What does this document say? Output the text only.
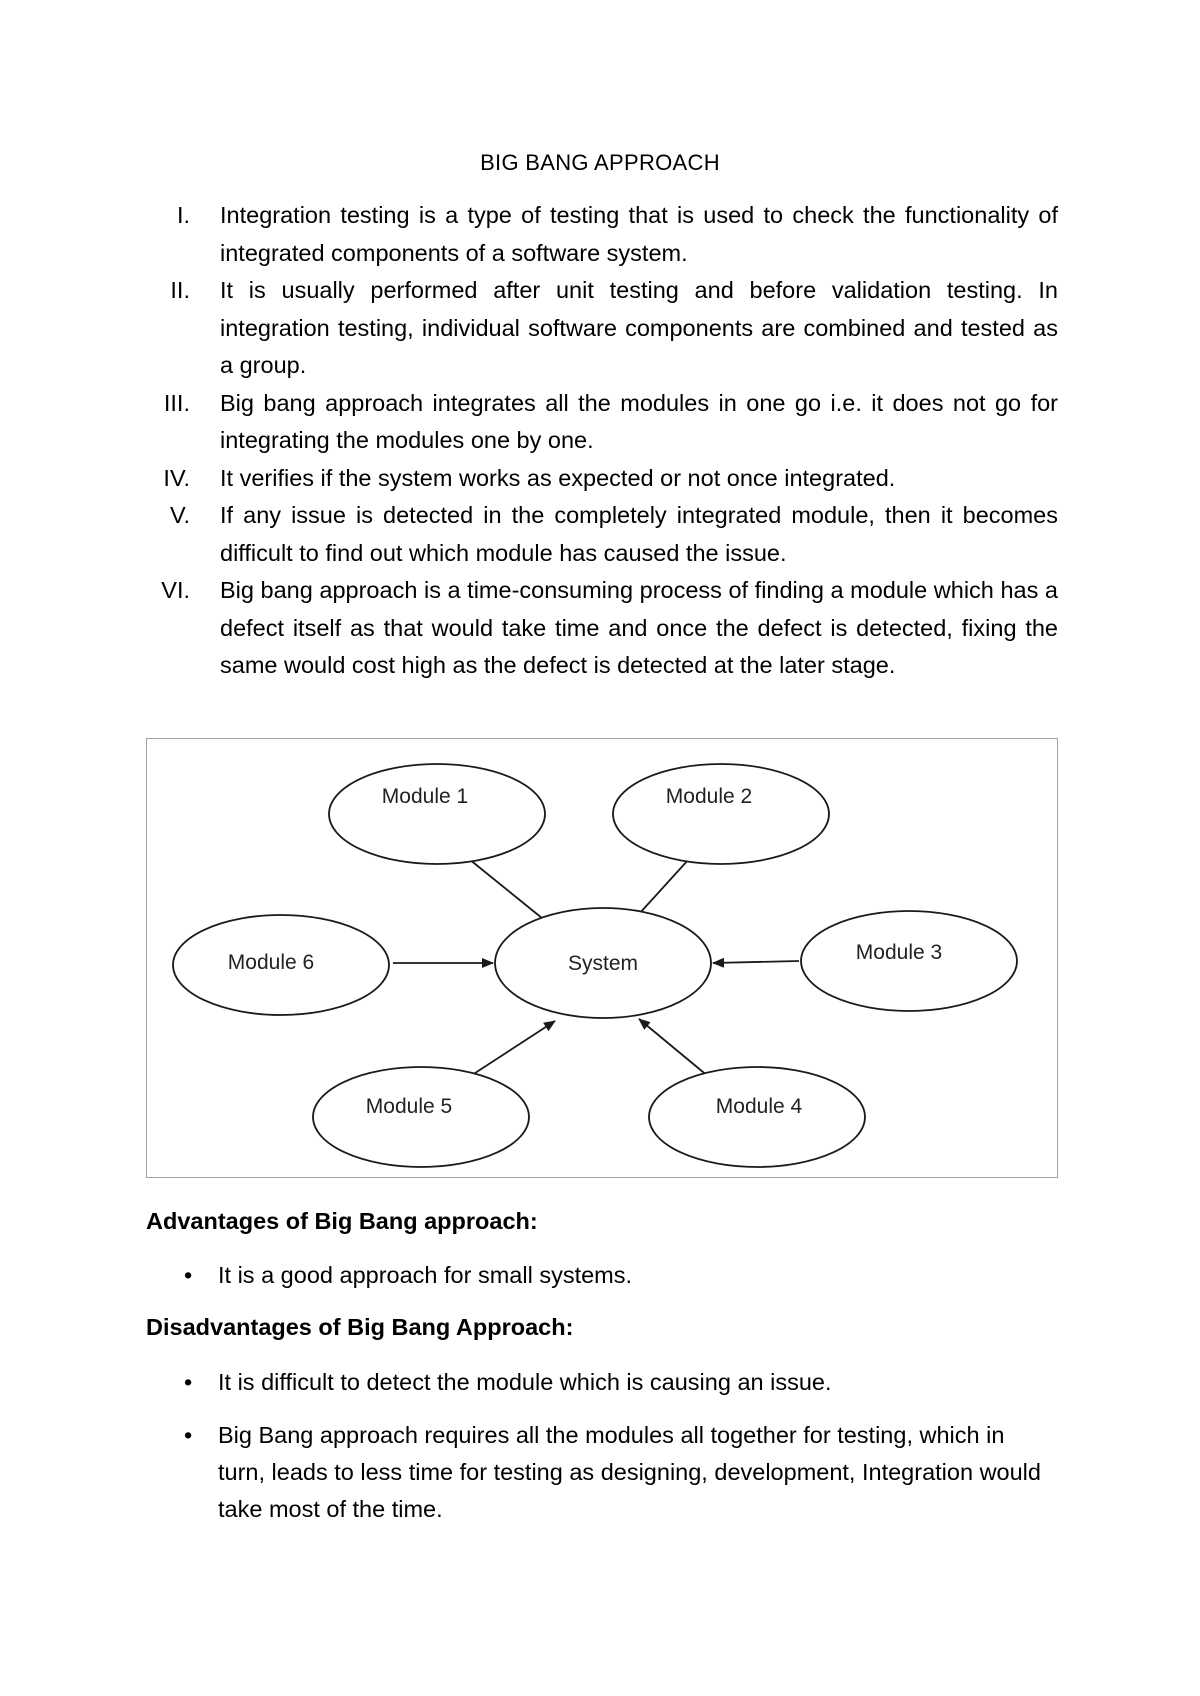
BIG BANG APPROACH
I.	Integration testing is a type of testing that is used to check the functionality of integrated components of a software system.
II.	It is usually performed after unit testing and before validation testing. In integration testing, individual software components are combined and tested as a group.
III.	Big bang approach integrates all the modules in one go i.e. it does not go for integrating the modules one by one.
IV.	It verifies if the system works as expected or not once integrated.
V.	If any issue is detected in the completely integrated module, then it becomes difficult to find out which module has caused the issue.
VI.	Big bang approach is a time-consuming process of finding a module which has a defect itself as that would take time and once the defect is detected, fixing the same would cost high as the defect is detected at the later stage.
System
Module 1	Module 2
Module 3
Module 4
Module 5
Module 6
Advantages of Big Bang approach:
•	It is a good approach for small systems.
Disadvantages of Big Bang Approach:
•	It is difficult to detect the module which is causing an issue.
•	Big Bang approach requires all the modules all together for testing, which in turn, leads to less time for testing as designing, development, Integration would take most of the time.
